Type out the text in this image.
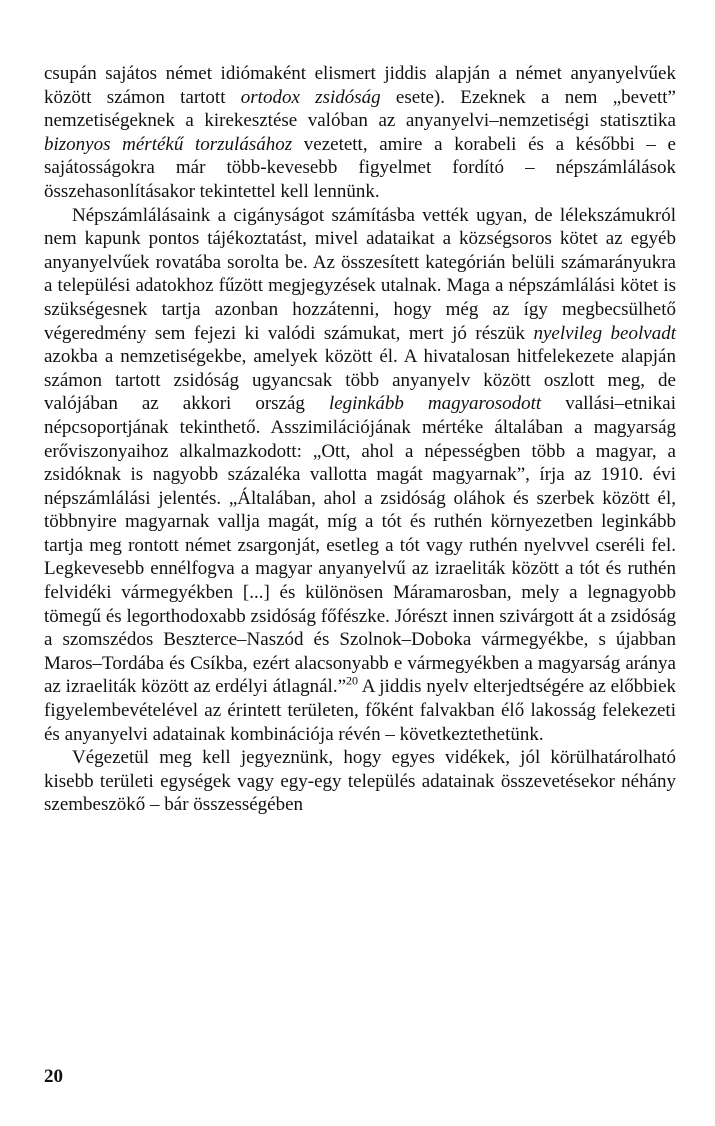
csupán sajátos német idiómaként elismert jiddis alapján a német anyanyelvűek között számon tartott ortodox zsidóság esete). Ezeknek a nem „bevett” nemzetiségeknek a kirekesztése valóban az anyanyelvi–nemzetiségi statisztika bizonyos mértékű torzulásához vezetett, amire a korabeli és a későbbi – e sajátosságokra már több-kevesebb figyelmet fordító – népszámlálások összehasonlításakor tekintettel kell lennünk.

Népszámlálásaink a cigányságot számításba vették ugyan, de lélekszámukról nem kapunk pontos tájékoztatást, mivel adataikat a községsoros kötet az egyéb anyanyelvűek rovatába sorolta be. Az összesített kategórián belüli számarányukra a települési adatokhoz fűzött megjegyzések utalnak. Maga a népszámlálási kötet is szükségesnek tartja azonban hozzátenni, hogy még az így megbecsülhető végeredmény sem fejezi ki valódi számukat, mert jó részük nyelvileg beolvadt azokba a nemzetiségekbe, amelyek között él. A hivatalosan hitfelekezete alapján számon tartott zsidóság ugyancsak több anyanyelv között oszlott meg, de valójában az akkori ország leginkább magyarosodott vallási–etnikai népcsoportjának tekinthető. Asszimilációjának mértéke általában a magyarság erőviszonyaihoz alkalmazkodott: „Ott, ahol a népességben több a magyar, a zsidóknak is nagyobb százaléka vallotta magát magyarnak”, írja az 1910. évi népszámlálási jelentés. „Általában, ahol a zsidóság oláhok és szerbek között él, többnyire magyarnak vallja magát, míg a tót és ruthén környezetben leginkább tartja meg rontott német zsargonját, esetleg a tót vagy ruthén nyelvvel cseréli fel. Legkevesebb ennélfogva a magyar anyanyelvű az izraeliták között a tót és ruthén felvidéki vármegyékben [...] és különösen Máramarosban, mely a legnagyobb tömegű és legorthodoxabb zsidóság főfészke. Jórészt innen szivárgott át a zsidóság a szomszédos Beszterce–Naszód és Szolnok–Doboka vármegyékbe, s újabban Maros–Tordába és Csíkba, ezért alacsonyabb e vármegyékben a magyarság aránya az izraeliták között az erdélyi átlagnál.”$^{20}$ A jiddis nyelv elterjedtségére az előbbiek figyelembevételével az érintett területen, főként falvakban élő lakosság felekezeti és anyanyelvi adatainak kombinációja révén – következtethetünk.

Végezetül meg kell jegyeznünk, hogy egyes vidékek, jól körülhatárolható kisebb területi egységek vagy egy-egy település adatainak összevetésekor néhány szembeszökő – bár összességében

20
